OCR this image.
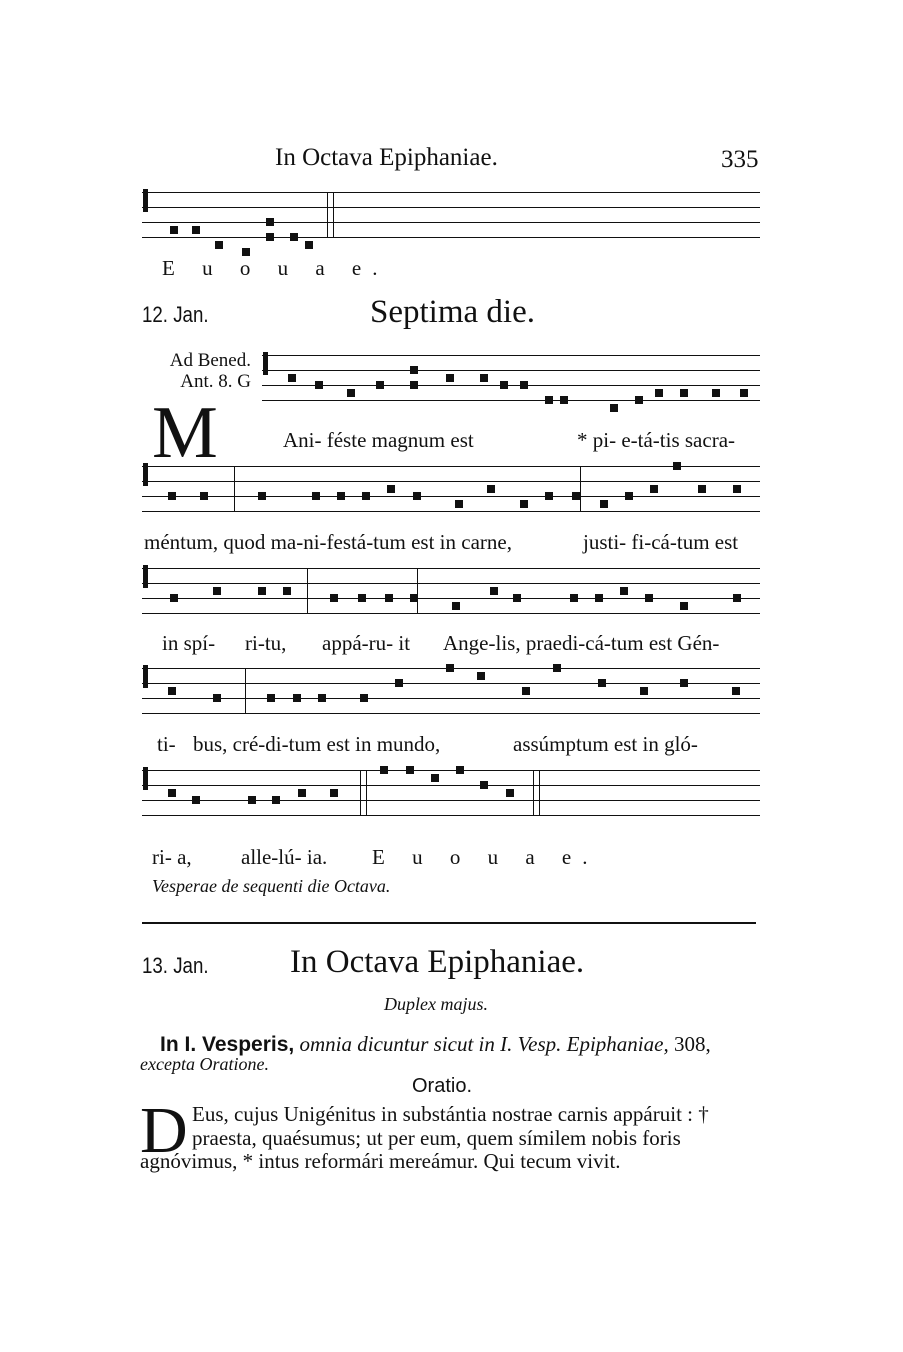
In Octava Epiphaniae.	335
E u o u a e.
12. Jan.	Septima die.
Ad Bened.
Ant. 8. G
M	Ani- féste magnum est	* pi- e-tá-tis sacra-
méntum, quod ma-ni-festá-tum est in carne,	justi- fi-cá-tum est
in spí- ri-tu, appá-ru- it Ange-lis, praedi-cá-tum est Gén-
ti- bus, cré-di-tum est in mundo,	assúmptum est in gló-
ri- a, alle-lú- ia. E u o u a e.
Vesperae de sequenti die Octava.
13. Jan. In Octava Epiphaniae.
Duplex majus.
In I. Vesperis, omnia dicuntur sicut in I. Vesp. Epiphaniae, 308,
excepta Oratione.
Oratio.
D Eus, cujus Unigénitus in substántia nostrae carnis appáruit : †
praesta, quaésumus; ut per eum, quem símilem nobis foris
agnóvimus, * intus reformári mereámur. Qui tecum vivit.
